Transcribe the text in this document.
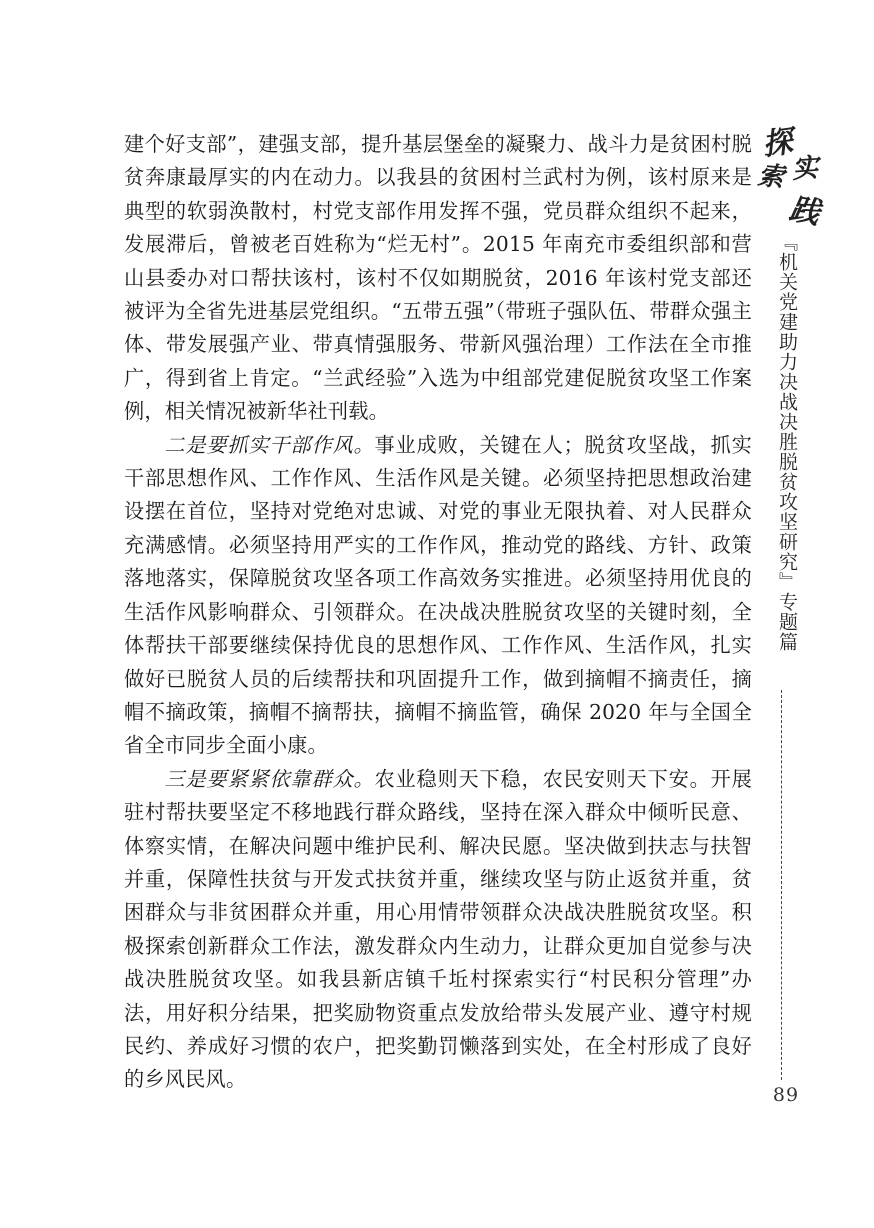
建个好支部”，建强支部，提升基层堡垒的凝聚力、战斗力是贫困村脱贫奔康最厚实的内在动力。以我县的贫困村兰武村为例，该村原来是典型的软弱涣散村，村党支部作用发挥不强，党员群众组织不起来，发展滞后，曾被老百姓称为“烂无村”。2015 年南充市委组织部和营山县委办对口帮扶该村，该村不仅如期脱贫，2016 年该村党支部还被评为全省先进基层党组织。“五带五强”（带班子强队伍、带群众强主体、带发展强产业、带真情强服务、带新风强治理）工作法在全市推广，得到省上肯定。“兰武经验”入选为中组部党建促脱贫攻坚工作案例，相关情况被新华社刊载。

二是要抓实干部作风。事业成败，关键在人；脱贫攻坚战，抓实干部思想作风、工作作风、生活作风是关键。必须坚持把思想政治建设摆在首位，坚持对党绝对忠诚、对党的事业无限执着、对人民群众充满感情。必须坚持用严实的工作作风，推动党的路线、方针、政策落地落实，保障脱贫攻坚各项工作高效务实推进。必须坚持用优良的生活作风影响群众、引领群众。在决战决胜脱贫攻坚的关键时刻，全体帮扶干部要继续保持优良的思想作风、工作作风、生活作风，扎实做好已脱贫人员的后续帮扶和巩固提升工作，做到摘帽不摘责任，摘帽不摘政策，摘帽不摘帮扶，摘帽不摘监管，确保 2020 年与全国全省全市同步全面小康。

三是要紧紧依靠群众。农业稳则天下稳，农民安则天下安。开展驻村帮扶要坚定不移地践行群众路线，坚持在深入群众中倾听民意、体察实情，在解决问题中维护民利、解决民愿。坚决做到扶志与扶智并重，保障性扶贫与开发式扶贫并重，继续攻坚与防止返贫并重，贫困群众与非贫困群众并重，用心用情带领群众决战决胜脱贫攻坚。积极探索创新群众工作法，激发群众内生动力，让群众更加自觉参与决战决胜脱贫攻坚。如我县新店镇千坵村探索实行“村民积分管理”办法，用好积分结果，把奖励物资重点发放给带头发展产业、遵守村规民约、养成好习惯的农户，把奖勤罚懒落到实处，在全村形成了良好的乡风民风。

探
索 实
践
『机关党建助力决战决胜脱贫攻坚研究』专题篇
89
